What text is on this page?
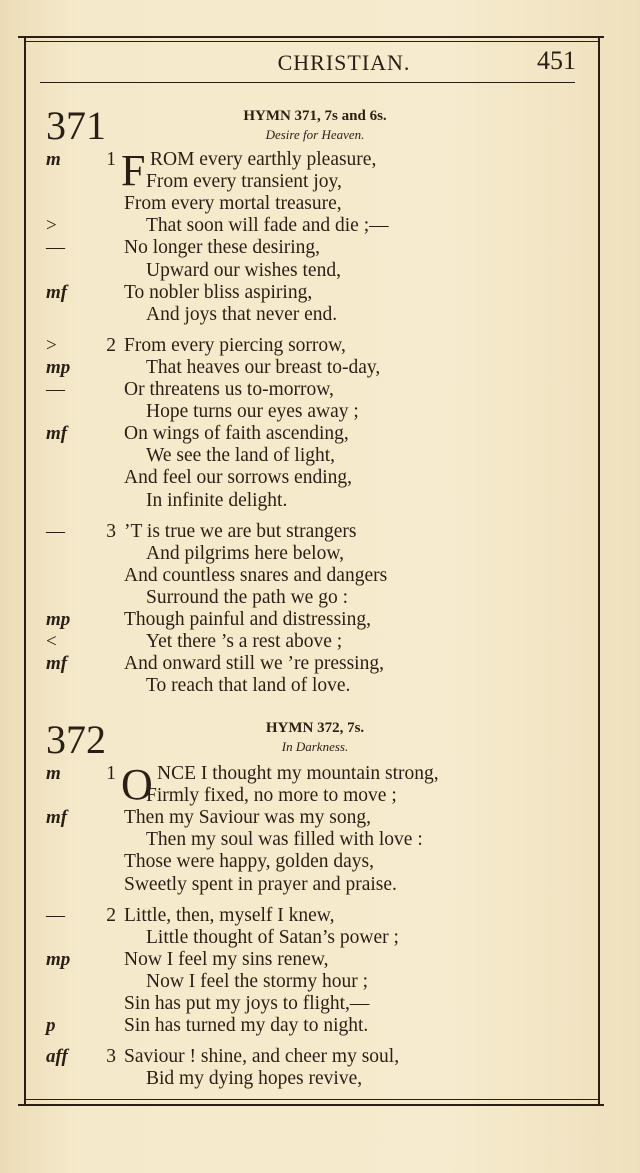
CHRISTIAN.	451
371	HYMN 371, 7s and 6s.
Desire for Heaven.
m	1 F ROM every earthly pleasure,
From every transient joy,
From every mortal treasure,
>	That soon will fade and die ;—
—	No longer these desiring,
Upward our wishes tend,
mf	To nobler bliss aspiring,
And joys that never end.
>	2 From every piercing sorrow,
mp	That heaves our breast to-day,
—	Or threatens us to-morrow,
Hope turns our eyes away ;
mf	On wings of faith ascending,
We see the land of light,
And feel our sorrows ending,
In infinite delight.
—	3 ’T is true we are but strangers
And pilgrims here below,
And countless snares and dangers
Surround the path we go :
mp	Though painful and distressing,
<	Yet there ’s a rest above ;
mf	And onward still we ’re pressing,
To reach that land of love.
372	HYMN 372, 7s.
In Darkness.
m	1 O NCE I thought my mountain strong,
Firmly fixed, no more to move ;
mf	Then my Saviour was my song,
Then my soul was filled with love :
Those were happy, golden days,
Sweetly spent in prayer and praise.
—	2 Little, then, myself I knew,
Little thought of Satan’s power ;
mp	Now I feel my sins renew,
Now I feel the stormy hour ;
Sin has put my joys to flight,—
p	Sin has turned my day to night.
aff	3 Saviour ! shine, and cheer my soul,
Bid my dying hopes revive,
